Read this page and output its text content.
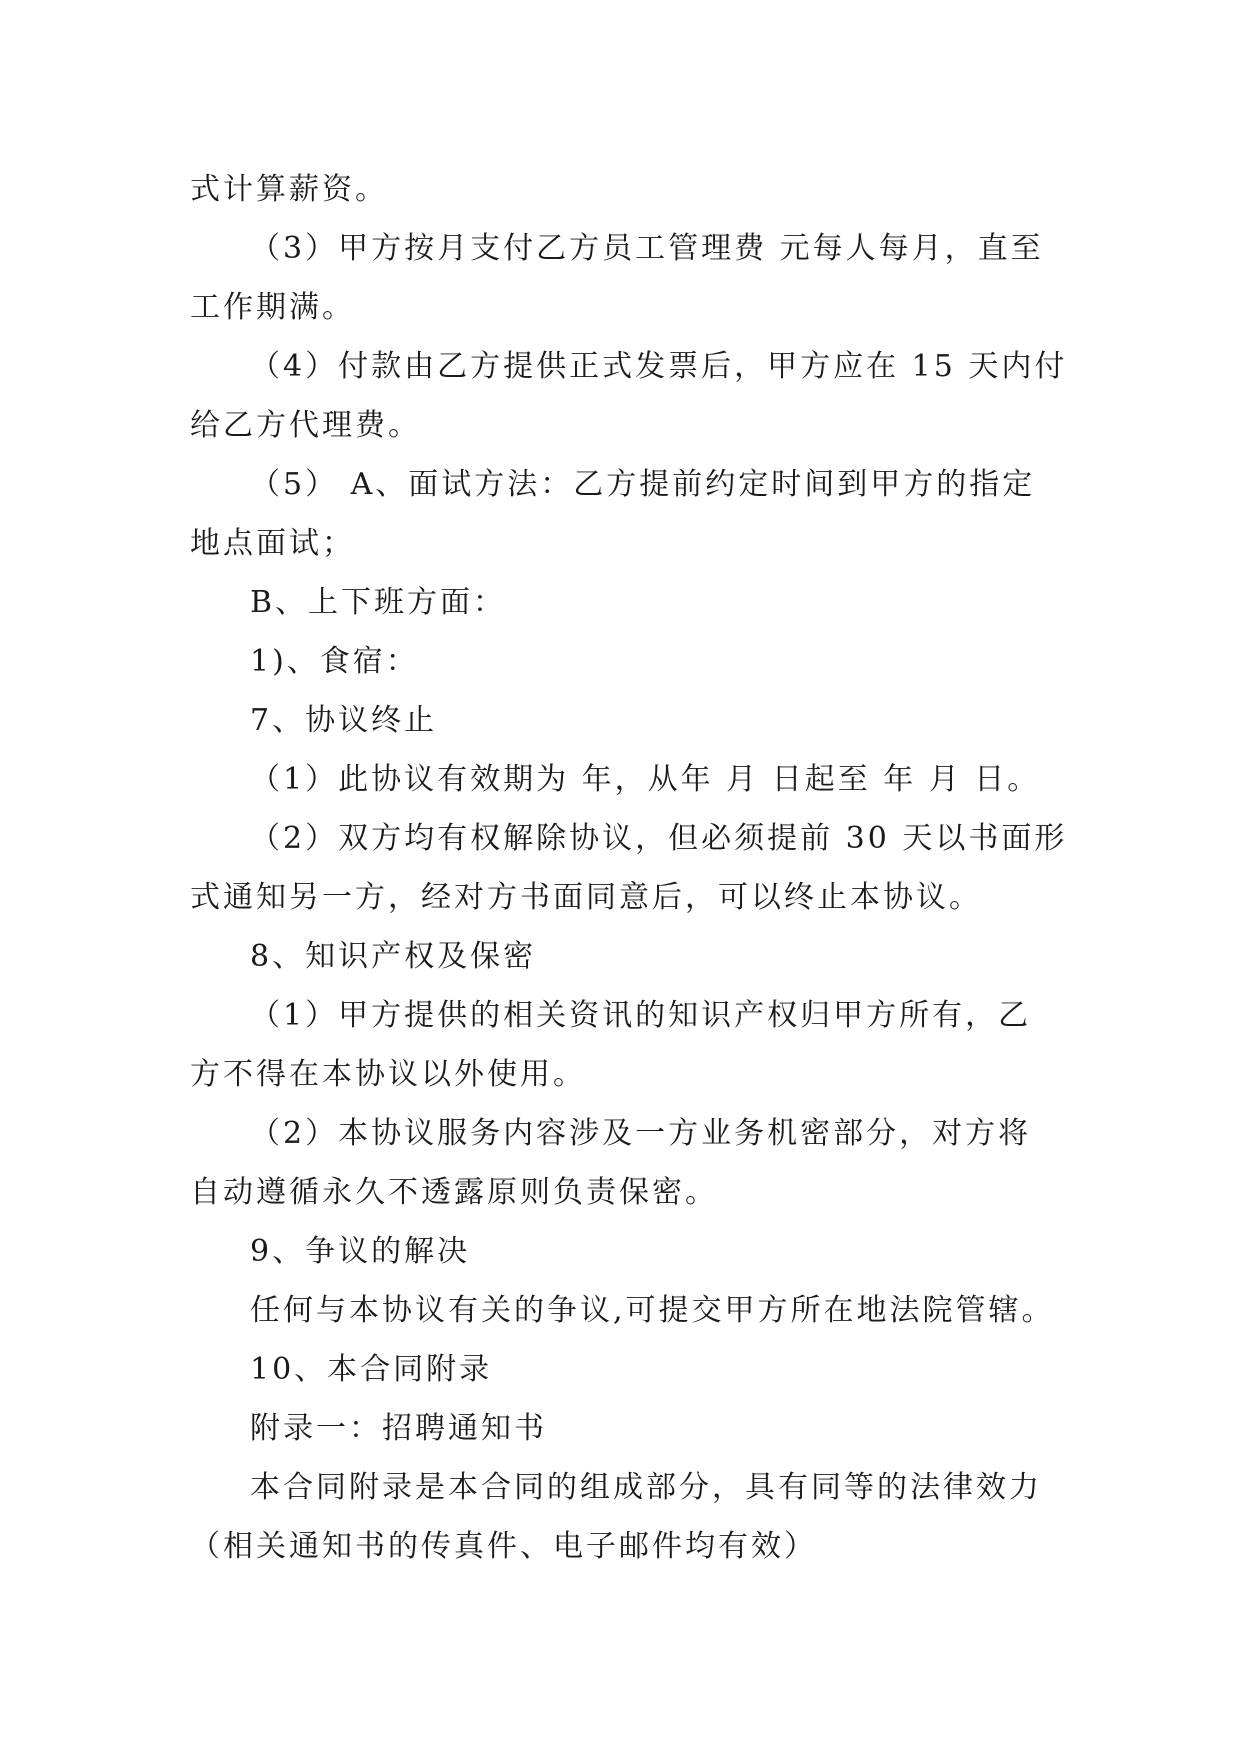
式计算薪资。
（3）甲方按月支付乙方员工管理费 元每人每月，直至
工作期满。
（4）付款由乙方提供正式发票后，甲方应在 15 天内付
给乙方代理费。
（5） A、面试方法：乙方提前约定时间到甲方的指定
地点面试；
B、上下班方面：
1)、食宿：
7、协议终止
（1）此协议有效期为 年，从年 月 日起至 年 月 日。
（2）双方均有权解除协议，但必须提前 30 天以书面形
式通知另一方，经对方书面同意后，可以终止本协议。
8、知识产权及保密
（1）甲方提供的相关资讯的知识产权归甲方所有，乙
方不得在本协议以外使用。
（2）本协议服务内容涉及一方业务机密部分，对方将
自动遵循永久不透露原则负责保密。
9、争议的解决
任何与本协议有关的争议,可提交甲方所在地法院管辖。
10、本合同附录
附录一：招聘通知书
本合同附录是本合同的组成部分，具有同等的法律效力
（相关通知书的传真件、电子邮件均有效）
